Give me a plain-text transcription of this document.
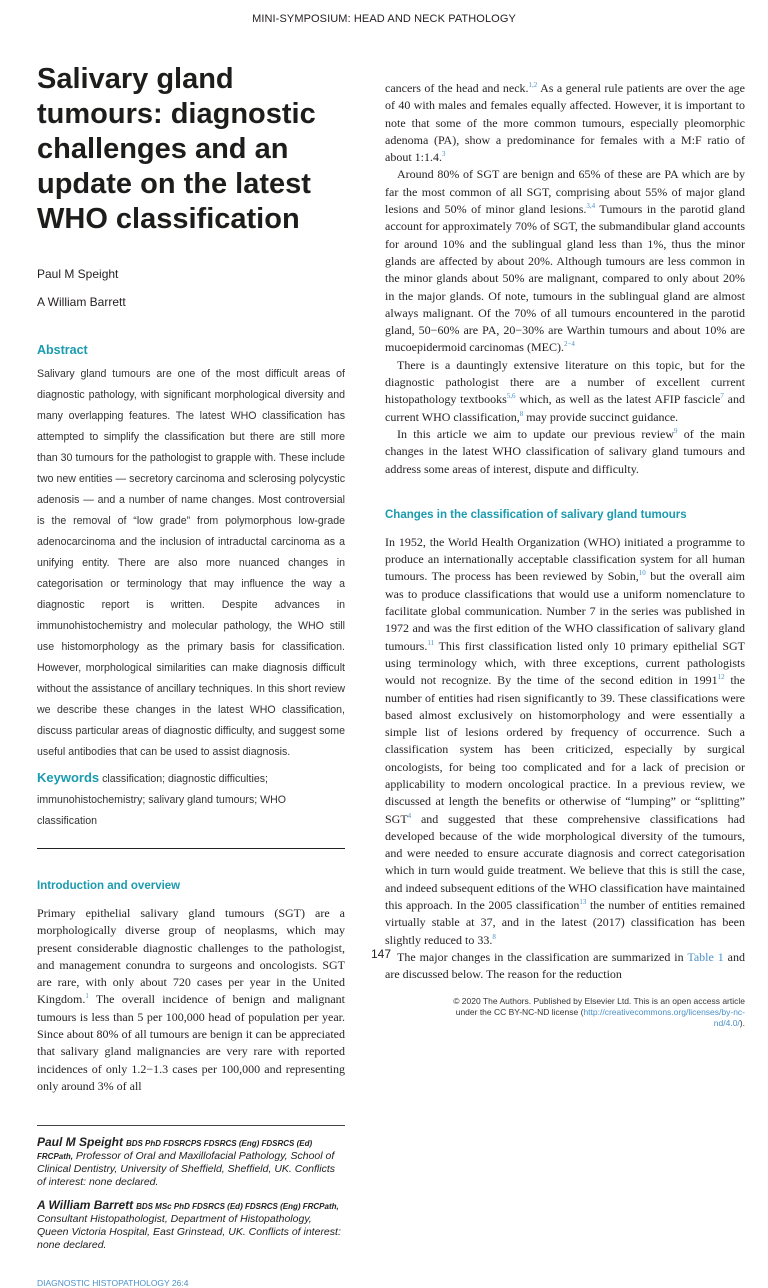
MINI-SYMPOSIUM: HEAD AND NECK PATHOLOGY
Salivary gland tumours: diagnostic challenges and an update on the latest WHO classification
Paul M Speight
A William Barrett
Abstract
Salivary gland tumours are one of the most difficult areas of diagnostic pathology, with significant morphological diversity and many overlapping features. The latest WHO classification has attempted to simplify the classification but there are still more than 30 tumours for the pathologist to grapple with. These include two new entities — secretory carcinoma and sclerosing polycystic adenosis — and a number of name changes. Most controversial is the removal of “low grade” from polymorphous low-grade adenocarcinoma and the inclusion of intraductal carcinoma as a unifying entity. There are also more nuanced changes in categorisation or terminology that may influence the way a diagnostic report is written. Despite advances in immunohistochemistry and molecular pathology, the WHO still use histomorphology as the primary basis for classification. However, morphological similarities can make diagnosis difficult without the assistance of ancillary techniques. In this short review we describe these changes in the latest WHO classification, discuss particular areas of diagnostic difficulty, and suggest some useful antibodies that can be used to assist diagnosis.
Keywords classification; diagnostic difficulties; immunohistochemistry; salivary gland tumours; WHO classification
Introduction and overview

Primary epithelial salivary gland tumours (SGT) are a morphologically diverse group of neoplasms, which may present considerable diagnostic challenges to the pathologist, and management conundra to surgeons and oncologists. SGT are rare, with only about 720 cases per year in the United Kingdom.$^1$ The overall incidence of benign and malignant tumours is less than 5 per 100,000 head of population per year. Since about 80% of all tumours are benign it can be appreciated that salivary gland malignancies are very rare with reported incidences of only 1.2−1.3 cases per 100,000 and representing only around 3% of all

Paul M Speight BDS PhD FDSRCPS FDSRCS (Eng) FDSRCS (Ed) FRCPath, Professor of Oral and Maxillofacial Pathology, School of Clinical Dentistry, University of Sheffield, Sheffield, UK. Conflicts of interest: none declared.

A William Barrett BDS MSc PhD FDSRCS (Ed) FDSRCS (Eng) FRCPath, Consultant Histopathologist, Department of Histopathology, Queen Victoria Hospital, East Grinstead, UK. Conflicts of interest: none declared.

DIAGNOSTIC HISTOPATHOLOGY 26:4

cancers of the head and neck.$^{1,2}$ As a general rule patients are over the age of 40 with males and females equally affected. However, it is important to note that some of the more common tumours, especially pleomorphic adenoma (PA), show a predominance for females with a M:F ratio of about 1:1.4.$^3$

Around 80% of SGT are benign and 65% of these are PA which are by far the most common of all SGT, comprising about 55% of major gland lesions and 50% of minor gland lesions.$^{3,4}$ Tumours in the parotid gland account for approximately 70% of SGT, the submandibular gland accounts for around 10% and the sublingual gland less than 1%, thus the minor glands are affected by about 20%. Although tumours are less common in the minor glands about 50% are malignant, compared to only about 20% in the major glands. Of note, tumours in the sublingual gland are almost always malignant. Of the 70% of all tumours encountered in the parotid gland, 50−60% are PA, 20−30% are Warthin tumours and about 10% are mucoepidermoid carcinomas (MEC).$^{2-4}$

There is a dauntingly extensive literature on this topic, but for the diagnostic pathologist there are a number of excellent current histopathology textbooks$^{5,6}$ which, as well as the latest AFIP fascicle$^7$ and current WHO classification,$^8$ may provide succinct guidance.

In this article we aim to update our previous review$^9$ of the main changes in the latest WHO classification of salivary gland tumours and address some areas of interest, dispute and difficulty.

Changes in the classification of salivary gland tumours

In 1952, the World Health Organization (WHO) initiated a programme to produce an internationally acceptable classification system for all human tumours. The process has been reviewed by Sobin,$^{10}$ but the overall aim was to produce classifications that would use a uniform nomenclature to facilitate global communication. Number 7 in the series was published in 1972 and was the first edition of the WHO classification of salivary gland tumours.$^{11}$ This first classification listed only 10 primary epithelial SGT using terminology which, with three exceptions, current pathologists would not recognize. By the time of the second edition in 1991$^{12}$ the number of entities had risen significantly to 39. These classifications were based almost exclusively on histomorphology and were essentially a simple list of lesions ordered by frequency of occurrence. Such a classification system has been criticized, especially by surgical oncologists, for being too complicated and for a lack of precision or applicability to modern oncological practice. In a previous review, we discussed at length the benefits or otherwise of “lumping” or “splitting” SGT$^4$ and suggested that these comprehensive classifications had developed because of the wide morphological diversity of the tumours, and were needed to ensure accurate diagnosis and correct categorisation which in turn would guide treatment. We believe that this is still the case, and indeed subsequent editions of the WHO classification have maintained this approach. In the 2005 classification$^{13}$ the number of entities remained virtually stable at 37, and in the latest (2017) classification has been slightly reduced to 33.$^8$

The major changes in the classification are summarized in Table 1 and are discussed below. The reason for the reduction

© 2020 The Authors. Published by Elsevier Ltd. This is an open access article under the CC BY-NC-ND license (http://creativecommons.org/licenses/by-nc-nd/4.0/).
147
